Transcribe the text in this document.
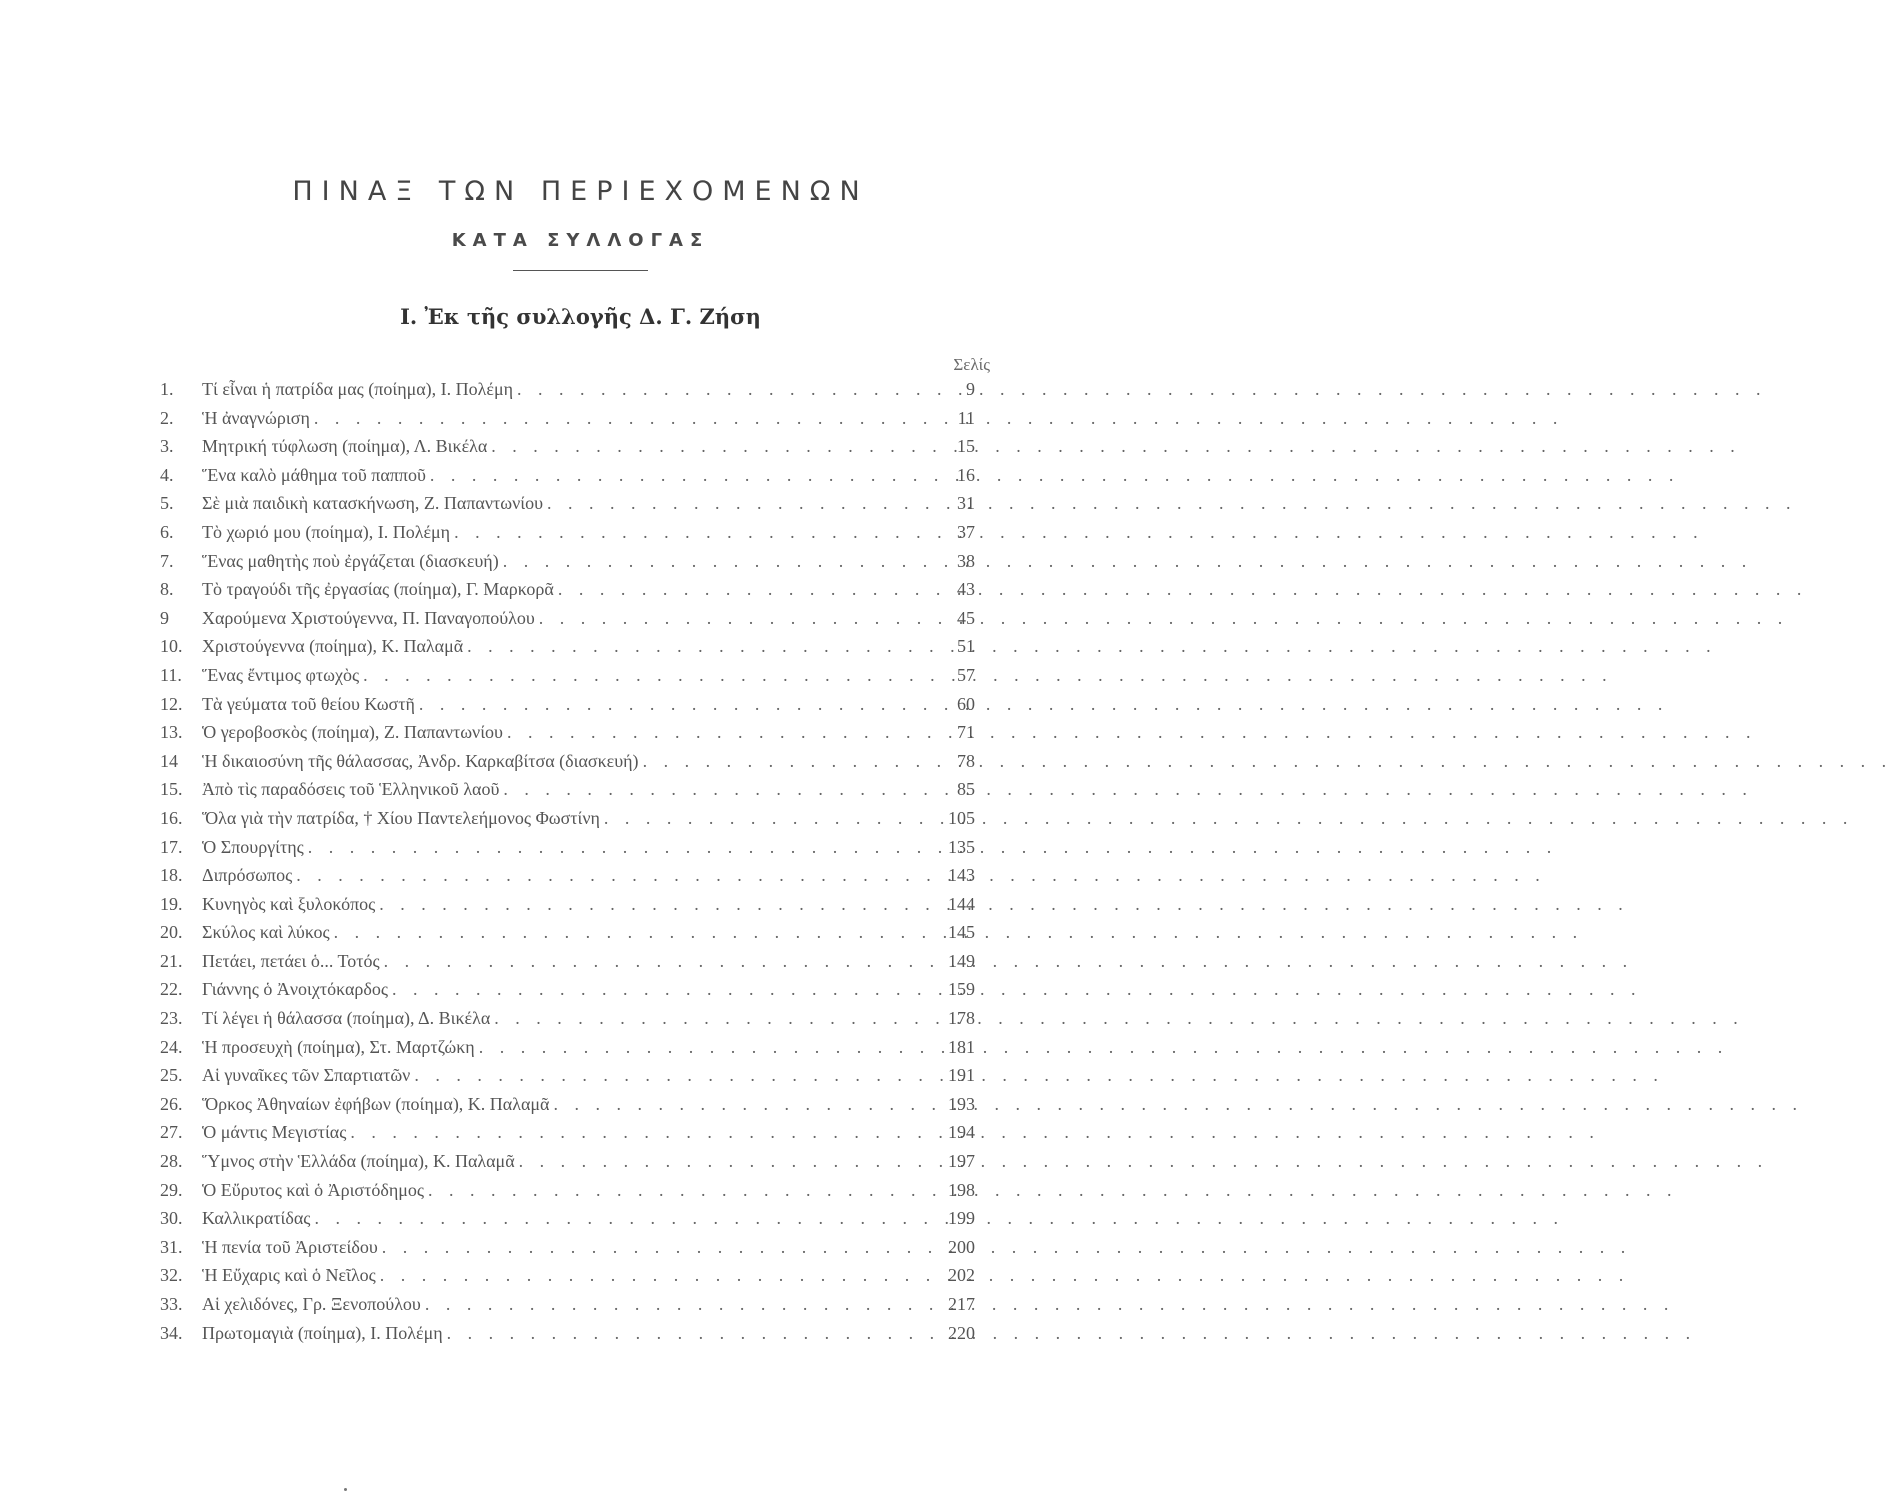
ΠΙΝΑΞ ΤΩΝ ΠΕΡΙΕΧΟΜΕΝΩΝ
ΚΑΤΑ ΣΥΛΛΟΓΑΣ
Ι. Ἐκ τῆς συλλογῆς Δ. Γ. Ζήση
Σελίς
1.	Τί εἶναι ἡ πατρίδα μας (ποίημα), Ι. Πολέμη . . .	9
2.	Ἡ ἀναγνώριση . . .	11
3.	Μητρική τύφλωση (ποίημα), Λ. Βικέλα . . .	15
4.	Ἕνα καλὸ μάθημα τοῦ παπποῦ . . .	16
5.	Σὲ μιὰ παιδικὴ κατασκήνωση, Ζ. Παπαντωνίου . . .	31
6.	Τὸ χωριό μου (ποίημα), Ι. Πολέμη . . .	37
7.	Ἕνας μαθητὴς ποὺ ἐργάζεται (διασκευή) . . .	38
8.	Τὸ τραγούδι τῆς ἐργασίας (ποίημα), Γ. Μαρκορᾶ . . .	43
9	Χαρούμενα Χριστούγεννα, Π. Παναγοπούλου . . .	45
10.	Χριστούγεννα (ποίημα), Κ. Παλαμᾶ . . .	51
11.	Ἕνας ἔντιμος φτωχὸς . . .	57
12.	Τὰ γεύματα τοῦ θείου Κωστῆ . . .	60
13.	Ὁ γεροβοσκὸς (ποίημα), Ζ. Παπαντωνίου . . .	71
14	Ἡ δικαιοσύνη τῆς θάλασσας, Ἀνδρ. Καρκαβίτσα (διασκευή) . . .	78
15.	Ἀπὸ τὶς παραδόσεις τοῦ Ἑλληνικοῦ λαοῦ . . .	85
16.	Ὅλα γιὰ τὴν πατρίδα, † Χίου Παντελεήμονος Φωστίνη . . .	105
17.	Ὁ Σπουργίτης . . .	135
18.	Διπρόσωπος . . .	143
19.	Κυνηγὸς καὶ ξυλοκόπος . . .	144
20.	Σκύλος καὶ λύκος . . .	145
21.	Πετάει, πετάει ὁ... Τοτός . . .	149
22.	Γιάννης ὁ Ἀνοιχτόκαρδος . . .	159
23.	Τί λέγει ἡ θάλασσα (ποίημα), Δ. Βικέλα . . .	178
24.	Ἡ προσευχὴ (ποίημα), Στ. Μαρτζώκη . . .	181
25.	Αἱ γυναῖκες τῶν Σπαρτιατῶν . . .	191
26.	Ὅρκος Ἀθηναίων ἐφήβων (ποίημα), Κ. Παλαμᾶ . . .	193
27.	Ὁ μάντις Μεγιστίας . . .	194
28.	Ὕμνος στὴν Ἑλλάδα (ποίημα), Κ. Παλαμᾶ . . .	197
29.	Ὁ Εὔρυτος καὶ ὁ Ἀριστόδημος . . .	198
30.	Καλλικρατίδας . . .	199
31.	Ἡ πενία τοῦ Ἀριστείδου . . .	200
32.	Ἡ Εὔχαρις καὶ ὁ Νεῖλος . . .	202
33.	Αἱ χελιδόνες, Γρ. Ξενοπούλου . . .	217
34.	Πρωτομαγιὰ (ποίημα), Ι. Πολέμη . . .	220
